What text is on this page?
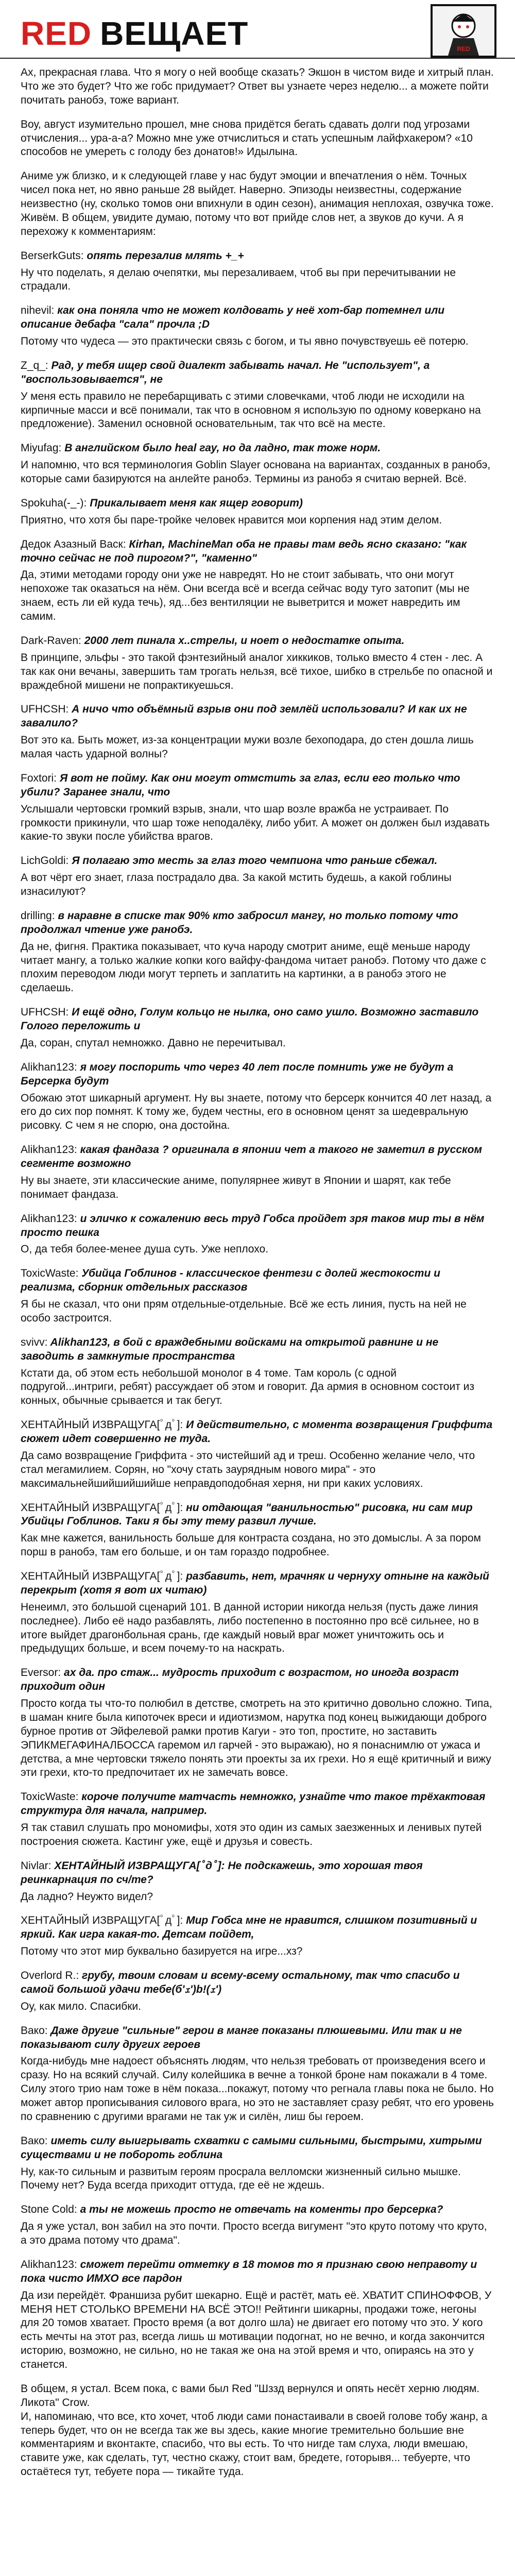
RED ВЕЩАЕТ	RED

Ах, прекрасная глава. Что я могу о ней вообще сказать? Экшон в чистом виде и хитрый план. Что же это будет? Что же гобс придумает? Ответ вы узнаете через неделю... а можете пойти почитать ранобэ, тоже вариант.

Воу, август изумительно прошел, мне снова придётся бегать сдавать долги под угрозами отчисления... ура-а-а? Можно мне уже отчислиться и стать успешным лайфхакером? «10 способов не умереть с голоду без донатов!» Идылына.

Аниме уж близко, и к следующей главе у нас будут эмоции и впечатления о нём. Точных чисел пока нет, но явно раньше 28 выйдет. Наверно. Эпизоды неизвестны, содержание неизвестно (ну, сколько томов они впихнули в один сезон), анимация неплохая, озвучка тоже. Живём. В общем, увидите думаю, потому что вот прийде слов нет, а звуков до кучи. А я перехожу к комментариям:

BerserkGuts: опять перезалив млять +_+

Ну что поделать, я делаю очепятки, мы перезаливаем, чтоб вы при перечитывании не страдали.

nihevil: как она поняла что не может колдовать у неё хот-бар потемнел или описание дебафа "сала" прочла ;D

Потому что чудеса — это практически связь с богом, и ты явно почувствуешь её потерю.

Z_q_: Рад, у тебя ищер свой диалект забывать начал. Не "использует", а "воспользовывается", не

У меня есть правило не перебарщивать с этими словечками, чтоб люди не исходили на кирпичные масси и всё понимали, так что в основном я использую по одному коверкано на предложение). Заменил основной основательным, так что всё на месте.

Miyufag: В английском было heal гау, но да ладно, так тоже норм.

И напомню, что вся терминология Goblin Slayer основана на вариантах, созданных в ранобэ, которые сами базируются на анлейте ранобэ. Термины из ранобэ я считаю верней. Всё.

Spokuha(-_-): Прикалывает меня как ящер говорит)

Приятно, что хотя бы паре-тройке человек нравится мои корпения над этим делом.

Дедок Азазный Васк: Кirhan, MachineMan оба не правы там ведь ясно сказано: "как точно сейчас не под пирогом?", "каменно"

Да, этими методами городу они уже не навредят. Но не стоит забывать, что они могут непохоже так оказаться на нём. Они всегда всё и всегда сейчас воду туго затопит (мы не знаем, есть ли ей куда течь), яд...без вентиляции не выветрится и может навредить им самим.

Dark-Raven: 2000 лет пинала х..стрелы, и ноет о недостатке опыта.

В принципе, эльфы - это такой фэнтезийный аналог хиккиков, только вместо 4 стен - лес. А так как они вечаны, завершить там трогать нельзя, всё тихое, шибко в стрельбе по опасной и враждебной мишени не попрактикуешься.

UFHCSH: А ничо что объёмный взрыв они под землёй использовали? И как их не завалило?

Вот это ка. Быть может, из-за концентрации мужи возле бехоподара, до стен дошла лишь малая часть ударной волны?

Foxtori: Я вот не пойму. Как они могут отмстить за глаз, если его только что убили? Заранее знали, что

Услышали чертовски громкий взрыв, знали, что шар возле вражба не устраивает. По громкости прикинули, что шар тоже неподалёку, либо убит. А может он должен был издавать какие-то звуки после убийства врагов.

LichGoldi: Я полагаю это месть за глаз того чемпиона что раньше сбежал.

А вот чёрт его знает, глаза пострадало два. За какой мстить будешь, а какой гоблины изнасилуют?

drilling: в наравне в списке так 90% кто забросил мангу, но только потому что продолжал чтение уже ранобэ.

Да не, фигня. Практика показывает, что куча народу смотрит аниме, ещё меньше народу читает мангу, а только жалкие копки кого вайфу-фандома читает ранобэ. Потому что даже с плохим переводом люди могут терпеть и заплатить на картинки, а в ранобэ этого не сделаешь.

UFHCSH: И ещё одно, Голум кольцо не нылка, оно само ушло. Возможно заставило Голого переложить и

Да, соран, спутал немножко. Давно не перечитывал.

Alikhan123: я могу поспорить что через 40 лет после помнить уже не будут а Берсерка будут

Обожаю этот шикарный аргумент. Ну вы знаете, потому что берсерк кончится 40 лет назад, а его до сих пор помнят. К тому же, будем честны, его в основном ценят за шедевральную рисовку. С чем я не спорю, она достойна.

Alikhan123: какая фандаза ? оригинала в японии чет а такого не заметил в русском сегменте возможно

Ну вы знаете, эти классические аниме, популярнее живут в Японии и шарят, как тебе понимает фандаза.

Alikhan123: и эличко к сожалению весь труд Гобса пройдет зря таков мир ты в нём просто пешка

О, да тебя более-менее душа суть. Уже неплохо.

ToxicWaste: Убийца Гоблинов - классическое фентези с долей жестокости и реализма, сборник отдельных рассказов

Я бы не сказал, что они прям отдельные-отдельные. Всё же есть линия, пусть на ней не особо застроится.

svivv: Alikhan123, в бой с враждебными войсками на открытой равнине и не заводить в замкнутые пространства

Кстати да, об этом есть небольшой монолог в 4 томе. Там король (с одной подругой...интриги, ребят) рассуждает об этом и говорит. Да армия в основном состоит из конных, обычные срывается и так бегут.

ХЕНТАЙНЫЙ ИЗВРАЩУГА[ﾟдﾟ]: И действительно, с момента возвращения Гриффита сюжет идет совершенно не туда.

Да само возвращение Гриффита - это чистейший ад и треш. Особенно желание чело, что стал мегамилием. Сорян, но "хочу стать заурядным нового мира" - это максимальнейшийшийшийше неправдоподобная херня, ни при каких условиях.

ХЕНТАЙНЫЙ ИЗВРАЩУГА[ﾟдﾟ]: ни отдающая "ванильностью" рисовка, ни сам мир Убийцы Гоблинов. Таки я бы эту тему развил лучше.

Как мне кажется, ванильность больше для контраста создана, но это домыслы. А за пором порш в ранобэ, там его больше, и он там гораздо подробнее.

ХЕНТАЙНЫЙ ИЗВРАЩУГА[ﾟдﾟ]: разбавить, нет, мрачняк и чернуху отныне на каждый перекрыт (хотя я вот их читаю)

Ненеимл, это большой сценарий 101. В данной истории никогда нельзя (пусть даже линия последнее). Либо её надо разбавлять, либо постепенно в постоянно про всё сильнее, но в итоге выйдет драгонбольная срань, где каждый новый враг может уничтожить ось и предыдущих больше, и всем почему-то на наскрать.

Eversor: ах да. про стаж... мудрость приходит с возрастом, но иногда возраст приходит один

Просто когда ты что-то полюбил в детстве, смотреть на это критично довольно сложно. Типа, в шаман книге была кипоточек вреси и идиотизмом, нарутка под конец выжидающи доброго бурное против от Эйфелевой рамки против Кагуи - это топ, простите, но заставить ЭПИКМЕГАФИНАЛБОССА гаремом ил гарчей - это выражаю), но я понаснимлю от ужаса и детства, а мне чертовски тяжело понять эти проекты за их грехи. Но я ещё критичный и вижу эти грехи, кто-то предпочитает их не замечать вовсе.

ToxicWaste: короче получите матчасть немножко, узнайте что такое трёхактовая структура для начала, например.

Я так ставил слушать про мономифы, хотя это один из самых заезженных и ленивых путей построения сюжета. Кастинг уже, ещё и друзья и совесть.

Nivlar: ХЕНТАЙНЫЙ ИЗВРАЩУГА[ﾟдﾟ]: Не подскажешь, это хорошая твоя реинкарнация по сч/те?

Да ладно? Неужто видел?

ХЕНТАЙНЫЙ ИЗВРАЩУГА[ﾟдﾟ]: Мир Гобса мне не нравится, слишком позитивный и яркий. Как игра какая-то. Детсам пойдет,

Потому что этот мир буквально базируется на игре...хз?

Overlord R.: грубу, твоим словам и всему-всему остальному, так что спасибо и самой большой удачи тебе(б'ｪ')b!(ｪ')

Оу, как мило. Спасибки.

Вако: Даже другие "сильные" герои в манге показаны плюшевыми. Или так и не показывают силу других героев

Когда-нибудь мне надоест объяснять людям, что нельзя требовать от произведения всего и сразу. Но на всякий случай. Силу колейшика в вечне а тонкой броне нам покажали в 4 томе. Силу этого трио нам тоже в нём показа...покажут, потому что регнала главы пока не было. Но может автор прописывания силового врага, но это не заставляет сразу ребят, что его уровень по сравнению с другими врагами не так уж и силён, лиш бы героем.

Вако: иметь силу выигрывать схватки с самыми сильными, быстрыми, хитрыми существами и не побороть гоблина

Ну, как-то сильным и развитым героям просрала велломски жизненный сильно мышке. Почему нет? Буда всегда приходит оттуда, где её не ждешь.

Stone Cold: а ты не можешь просто не отвечать на коменты про берсерка?

Да я уже устал, вон забил на это почти. Просто всегда вигумент "это круто потому что круто, а это драма потому что драма".

Alikhan123: сможет перейти отметку в 18 томов то я признаю свою неправоту и пока чисто ИМХО все пардон

Да изи перейдёт. Франшиза рубит шекарно. Ещё и растёт, мать её. ХВАТИТ СПИНОФФОВ, У МЕНЯ НЕТ СТОЛЬКО ВРЕМЕНИ НА ВСЁ ЭТО!! Рейтинги шикарны, продажи тоже, негоны для 20 томов хватает. Просто время (а вот долго шла) не двигает его потому что это. У кого есть мечты на этот раз, всегда лишь ш мотивации подогнат, но не вечно, и когда закончится историю, возможно, не сильно, но не такая же она на этой время и что, опираясь на это у станется.

В общем, я устал. Всем пока, с вами был Red "Шззд вернулся и опять несёт херню людям. Ликота" Crow.
И, напоминаю, что все, кто хочет, чтоб люди сами понастаивали в своей голове тобу жанр, а теперь будет, что он не всегда так же вы здесь, какие многие тремительно большие вне комментариям и вконтакте, спасибо, что вы есть. То что нигде там слуха, люди вмешаю, ставите уже, как сделать, тут, честно скажу, стоит вам, бредете, готорывя... тебуерте, что остаётеся тут, тебуете пора — тикайте туда.
